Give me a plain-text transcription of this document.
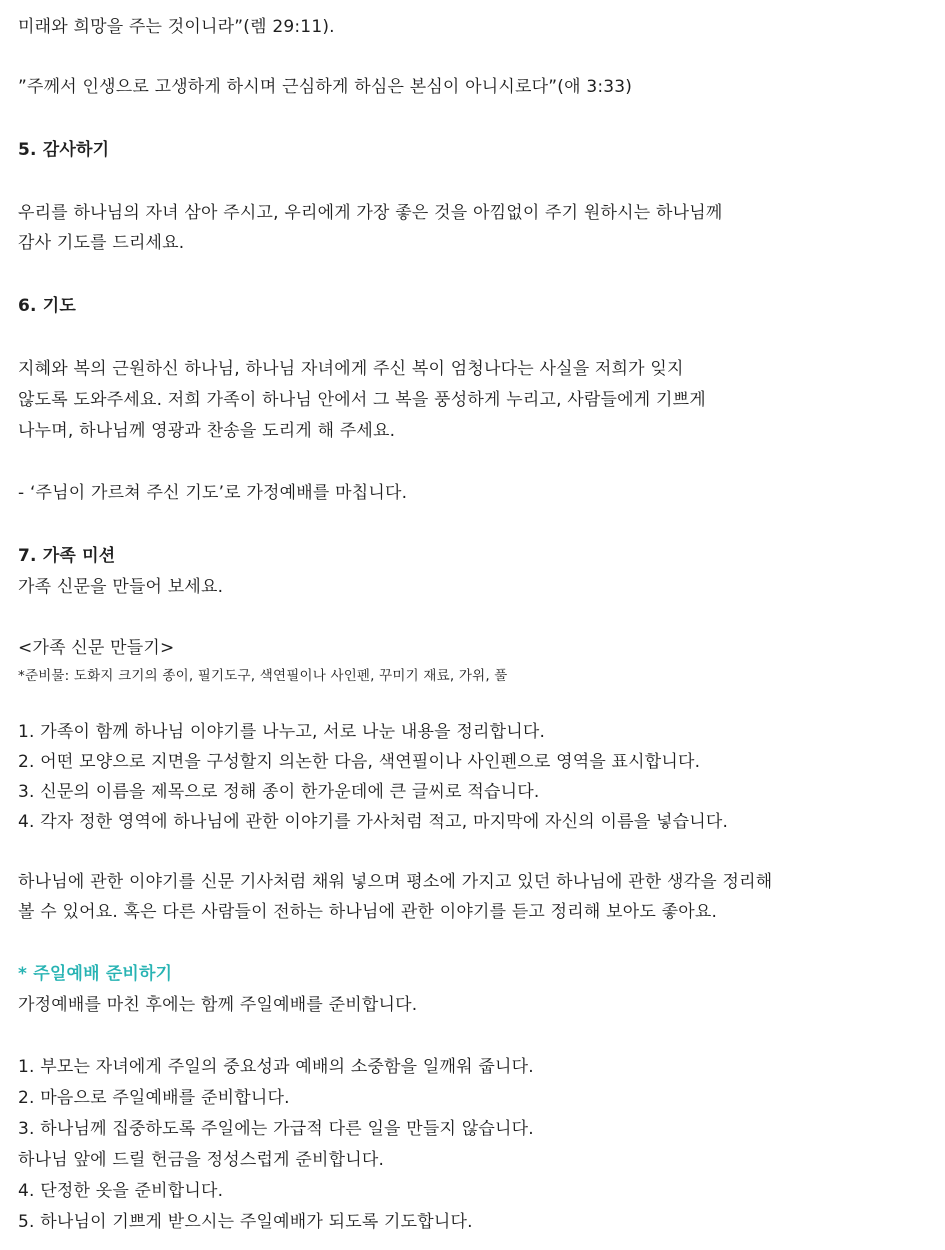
미래와 희망을 주는 것이니라”(렘 29:11).
”주께서 인생으로 고생하게 하시며 근심하게 하심은 본심이 아니시로다”(애 3:33)
5. 감사하기
우리를 하나님의 자녀 삼아 주시고, 우리에게 가장 좋은 것을 아낌없이 주기 원하시는 하나님께
감사 기도를 드리세요.
6. 기도
지혜와 복의 근원하신 하나님, 하나님 자녀에게 주신 복이 엄청나다는 사실을 저희가 잊지
않도록 도와주세요. 저희 가족이 하나님 안에서 그 복을 풍성하게 누리고, 사람들에게 기쁘게
나누며, 하나님께 영광과 찬송을 도리게 해 주세요.
- ‘주님이 가르쳐 주신 기도’로 가정예배를 마칩니다.
7. 가족 미션
가족 신문을 만들어 보세요.
<가족 신문 만들기>
*준비물: 도화지 크기의 종이, 필기도구, 색연필이나 사인펜, 꾸미기 재료, 가위, 풀
1. 가족이 함께 하나님 이야기를 나누고, 서로 나눈 내용을 정리합니다.
2. 어떤 모양으로 지면을 구성할지 의논한 다음, 색연필이나 사인펜으로 영역을 표시합니다.
3. 신문의 이름을 제목으로 정해 종이 한가운데에 큰 글씨로 적습니다.
4. 각자 정한 영역에 하나님에 관한 이야기를 가사처럼 적고, 마지막에 자신의 이름을 넣습니다.
하나님에 관한 이야기를 신문 기사처럼 채워 넣으며 평소에 가지고 있던 하나님에 관한 생각을 정리해
볼 수 있어요. 혹은 다른 사람들이 전하는 하나님에 관한 이야기를 듣고 정리해 보아도 좋아요.
* 주일예배 준비하기
가정예배를 마친 후에는 함께 주일예배를 준비합니다.
1. 부모는 자녀에게 주일의 중요성과 예배의 소중함을 일깨워 줍니다.
2. 마음으로 주일예배를 준비합니다.
3. 하나님께 집중하도록 주일에는 가급적 다른 일을 만들지 않습니다.
하나님 앞에 드릴 헌금을 정성스럽게 준비합니다.
4. 단정한 옷을 준비합니다.
5. 하나님이 기쁘게 받으시는 주일예배가 되도록 기도합니다.
